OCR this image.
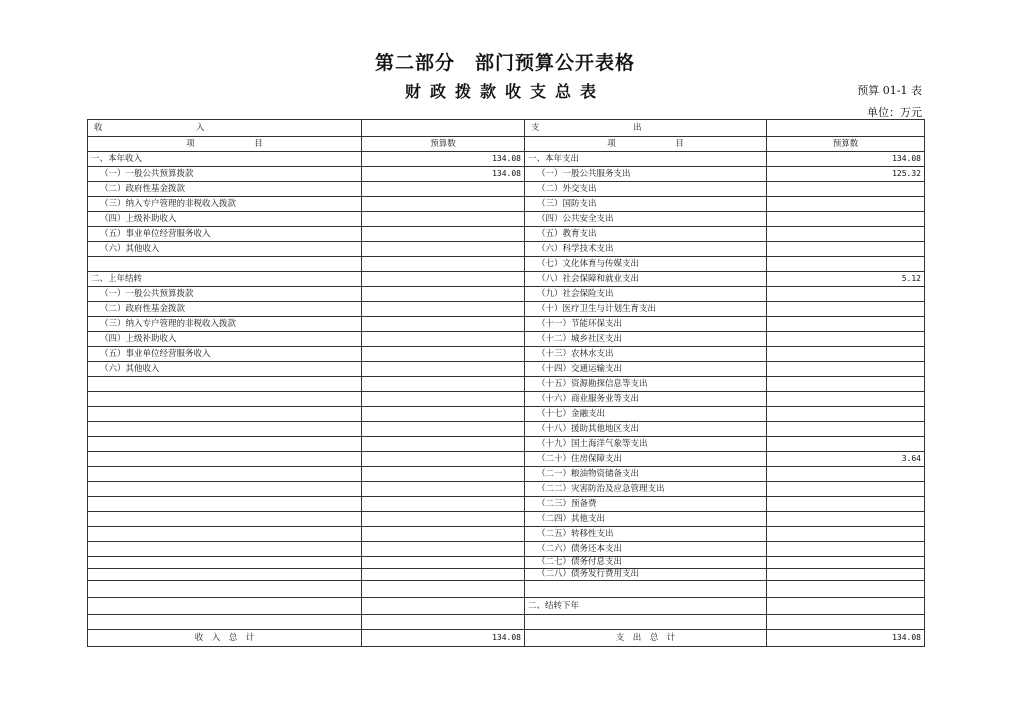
第二部分　部门预算公开表格
财政拨款收支总表	预算 01-1 表
单位：万元
收　　　　　　　　　　　入		支　　　　　　　　　　　出	
项　　　　　　　目	预算数	项　　　　　　　目	预算数
一、本年收入	134.08	一、本年支出	134.08
（一）一般公共预算拨款	134.08	（一）一般公共服务支出	125.32
（二）政府性基金拨款		（二）外交支出	
（三）纳入专户管理的非税收入拨款		（三）国防支出	
（四）上级补助收入		（四）公共安全支出	
（五）事业单位经营服务收入		（五）教育支出	
（六）其他收入		（六）科学技术支出	
		（七）文化体育与传媒支出	
二、上年结转		（八）社会保障和就业支出	5.12
（一）一般公共预算拨款		（九）社会保险支出	
（二）政府性基金拨款		（十）医疗卫生与计划生育支出	
（三）纳入专户管理的非税收入拨款		（十一）节能环保支出	
（四）上级补助收入		（十二）城乡社区支出	
（五）事业单位经营服务收入		（十三）农林水支出	
（六）其他收入		（十四）交通运输支出	
		（十五）资源勘探信息等支出	
		（十六）商业服务业等支出	
		（十七）金融支出	
		（十八）援助其他地区支出	
		（十九）国土海洋气象等支出	
		（二十）住房保障支出	3.64
		（二一）粮油物资储备支出	
		（二二）灾害防治及应急管理支出	
		（二三）预备费	
		（二四）其他支出	
		（二五）转移性支出	
		（二六）债务还本支出	
		（二七）债务付息支出	
		（二八）债务发行费用支出	

		二、结转下年	

收　入　总　计	134.08	支　出　总　计	134.08
